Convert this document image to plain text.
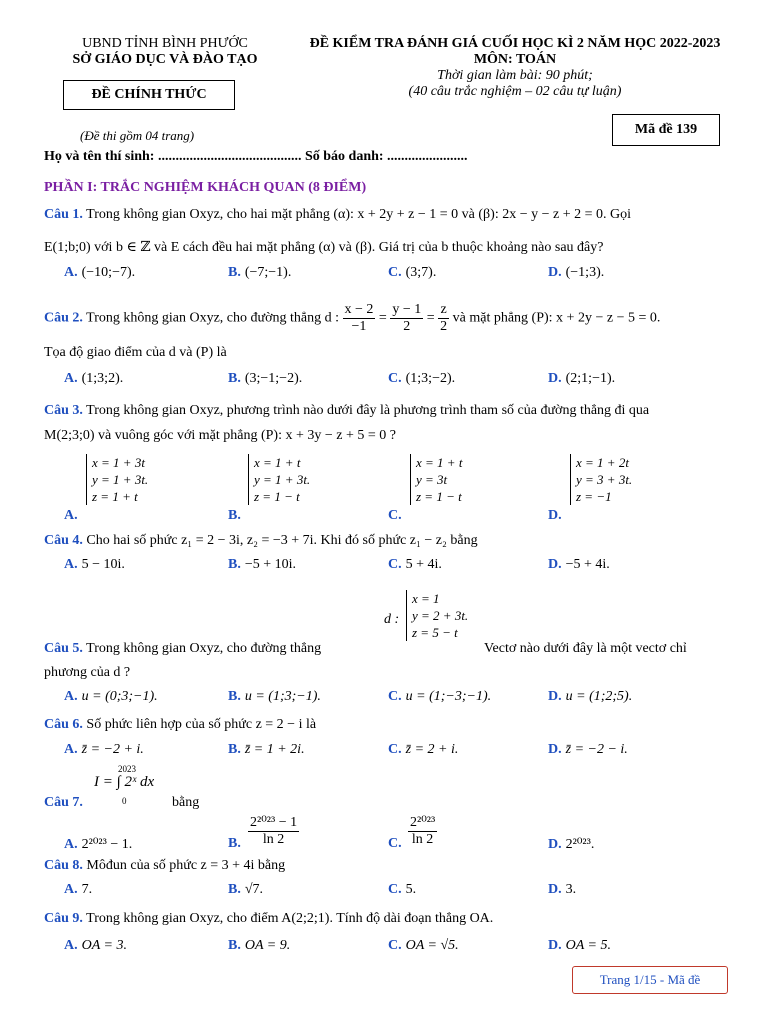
UBND TỈNH BÌNH PHƯỚC
SỞ GIÁO DỤC VÀ ĐÀO TẠO
ĐỀ CHÍNH THỨC
(Đề thi gồm 04 trang)
ĐỀ KIỂM TRA ĐÁNH GIÁ CUỐI HỌC KÌ 2 NĂM HỌC 2022-2023
MÔN: TOÁN
Thời gian làm bài: 90 phút;
(40 câu trắc nghiệm – 02 câu tự luận)
Mã đề 139
Họ và tên thí sinh: ......................................... Số báo danh: .......................
PHẦN I: TRẮC NGHIỆM KHÁCH QUAN (8 ĐIỂM)
Câu 1. Trong không gian Oxyz, cho hai mặt phẳng (α): x + 2y + z − 1 = 0 và (β): 2x − y − z + 2 = 0. Gọi
E(1;b;0) với b ∈ ℤ và E cách đều hai mặt phẳng (α) và (β). Giá trị của b thuộc khoảng nào sau đây?
A. (−10;−7).	B. (−7;−1).	C. (3;7).	D. (−1;3).
Câu 2. Trong không gian Oxyz, cho đường thẳng d : $\frac{x - 2}{-1} = \frac{y - 1}{2} = \frac{z}{2}$ và mặt phẳng (P): x + 2y − z − 5 = 0.
Tọa độ giao điểm của d và (P) là
A. (1;3;2).	B. (3;−1;−2).	C. (1;3;−2).	D. (2;1;−1).
Câu 3. Trong không gian Oxyz, phương trình nào dưới đây là phương trình tham số của đường thẳng đi qua
M(2;3;0) và vuông góc với mặt phẳng (P): x + 3y − z + 5 = 0 ?
A.
x = 1 + 3t
y = 1 + 3t.
z = 1 + t
B.
x = 1 + t
y = 1 + 3t.
z = 1 − t
C.
x = 1 + t
y = 3t
z = 1 − t
D.
x = 1 + 2t
y = 3 + 3t.
z = −1
Câu 4. Cho hai số phức z₁ = 2 − 3i, z₂ = −3 + 7i. Khi đó số phức z₁ − z₂ bằng
A. 5 − 10i.	B. −5 + 10i.	C. 5 + 4i.	D. −5 + 4i.
d :
x = 1
y = 2 + 3t.
z = 5 − t
Câu 5. Trong không gian Oxyz, cho đường thẳng	Vectơ nào dưới đây là một vectơ chỉ
phương của d ?
A. u = (0;3;−1).	B. u = (1;3;−1).	C. u = (1;−3;−1).	D. u = (1;2;5).
Câu 6. Số phức liên hợp của số phức z = 2 − i là
A. z̄ = −2 + i.	B. z̄ = 1 + 2i.	C. z̄ = 2 + i.	D. z̄ = −2 − i.
2023
I = ∫ 2ˣ dx
0
Câu 7.	bằng
A. 2²⁰²³ − 1.	B. $\frac{\text{2²⁰²³ − 1}}{\ln 2}$	C. $\frac{\text{2²⁰²³}}{\ln 2}$	D. 2²⁰²³.
Câu 8. Môđun của số phức z = 3 + 4i bằng
A. 7.	B. √7.	C. 5.	D. 3.
Câu 9. Trong không gian Oxyz, cho điểm A(2;2;1). Tính độ dài đoạn thẳng OA.
A. OA = 3.	B. OA = 9.	C. OA = √5.	D. OA = 5.
Trang 1/15 - Mã đề
